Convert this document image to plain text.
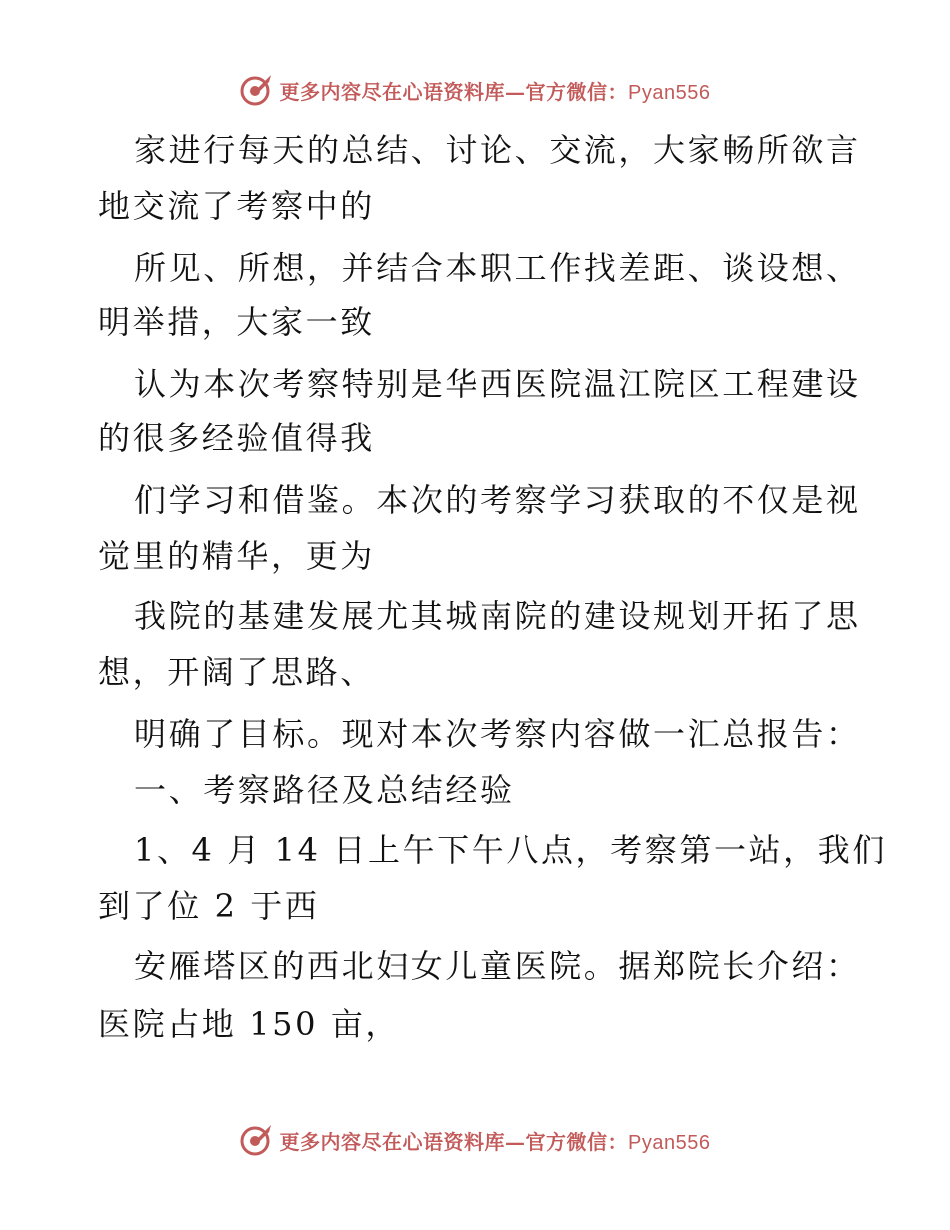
更多内容尽在心语资料库—官方微信：Pyan556
家进行每天的总结、讨论、交流，大家畅所欲言
地交流了考察中的
所见、所想，并结合本职工作找差距、谈设想、
明举措，大家一致
认为本次考察特别是华西医院温江院区工程建设
的很多经验值得我
们学习和借鉴。本次的考察学习获取的不仅是视
觉里的精华，更为
我院的基建发展尤其城南院的建设规划开拓了思
想，开阔了思路、
明确了目标。现对本次考察内容做一汇总报告：
一、考察路径及总结经验
1、4 月 14 日上午下午八点，考察第一站，我们
到了位 2 于西
安雁塔区的西北妇女儿童医院。据郑院长介绍：
医院占地 150 亩，
更多内容尽在心语资料库—官方微信：Pyan556
